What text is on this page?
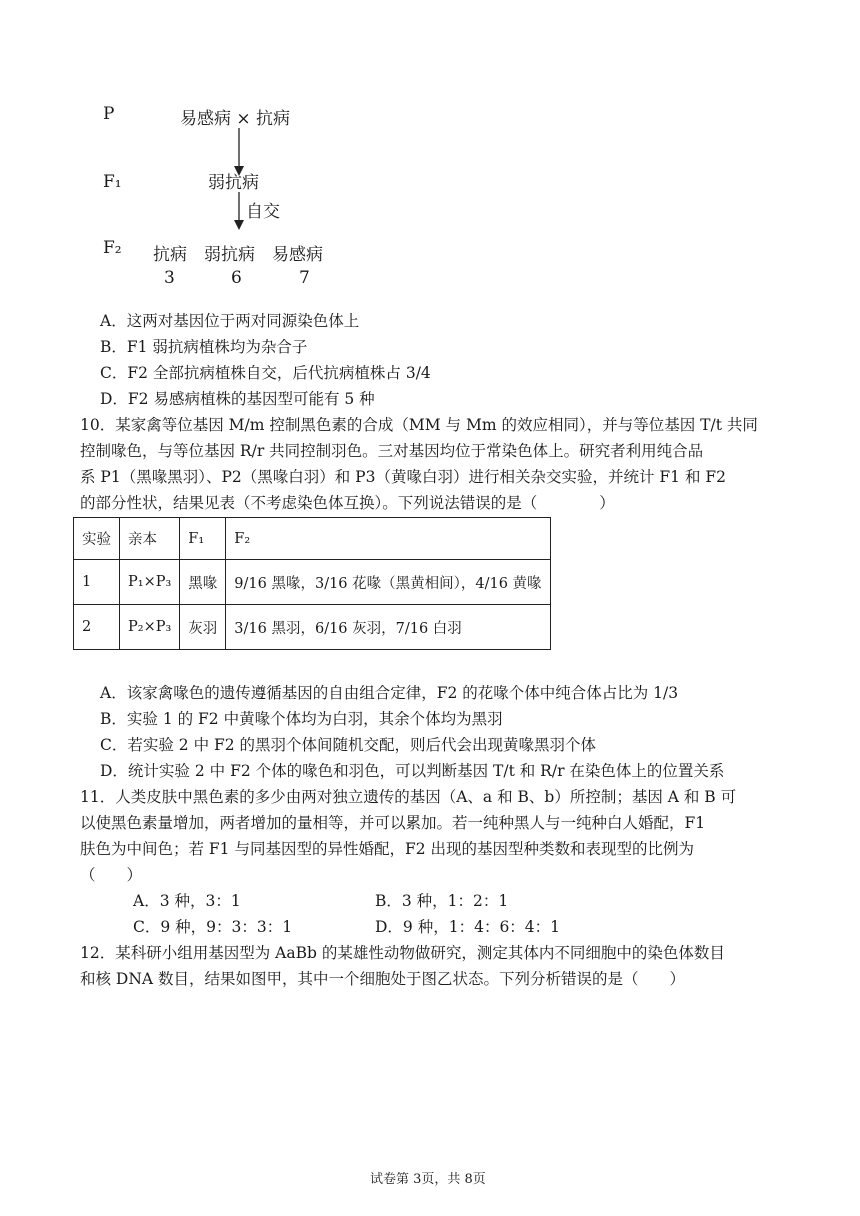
P	易感病 × 抗病
F₁	弱抗病
自交
F₂ 抗病 弱抗病 易感病
3	6	7
A．这两对基因位于两对同源染色体上
B．F1 弱抗病植株均为杂合子
C．F2 全部抗病植株自交，后代抗病植株占 3/4
D．F2 易感病植株的基因型可能有 5 种
10．某家禽等位基因 M/m 控制黑色素的合成（MM 与 Mm 的效应相同），并与等位基因 T/t 共同
控制喙色，与等位基因 R/r 共同控制羽色。三对基因均位于常染色体上。研究者利用纯合品
系 P1（黑喙黑羽）、P2（黑喙白羽）和 P3（黄喙白羽）进行相关杂交实验，并统计 F1 和 F2
的部分性状，结果见表（不考虑染色体互换）。下列说法错误的是（　　　　）
实验	亲本	F₁	F₂
1	P₁×P₃	黑喙	9/16 黑喙，3/16 花喙（黑黄相间），4/16 黄喙
2	P₂×P₃	灰羽	3/16 黑羽，6/16 灰羽，7/16 白羽
A．该家禽喙色的遗传遵循基因的自由组合定律，F2 的花喙个体中纯合体占比为 1/3
B．实验 1 的 F2 中黄喙个体均为白羽，其余个体均为黑羽
C．若实验 2 中 F2 的黑羽个体间随机交配，则后代会出现黄喙黑羽个体
D．统计实验 2 中 F2 个体的喙色和羽色，可以判断基因 T/t 和 R/r 在染色体上的位置关系
11．人类皮肤中黑色素的多少由两对独立遗传的基因（A、a 和 B、b）所控制；基因 A 和 B 可
以使黑色素量增加，两者增加的量相等，并可以累加。若一纯种黑人与一纯种白人婚配，F1
肤色为中间色；若 F1 与同基因型的异性婚配，F2 出现的基因型种类数和表现型的比例为
（　　）
A．3 种，3：1	B．3 种，1：2：1
C．9 种，9：3：3：1	D．9 种，1：4：6：4：1
12．某科研小组用基因型为 AaBb 的某雄性动物做研究，测定其体内不同细胞中的染色体数目
和核 DNA 数目，结果如图甲，其中一个细胞处于图乙状态。下列分析错误的是（　　）
试卷第 3页，共 8页
